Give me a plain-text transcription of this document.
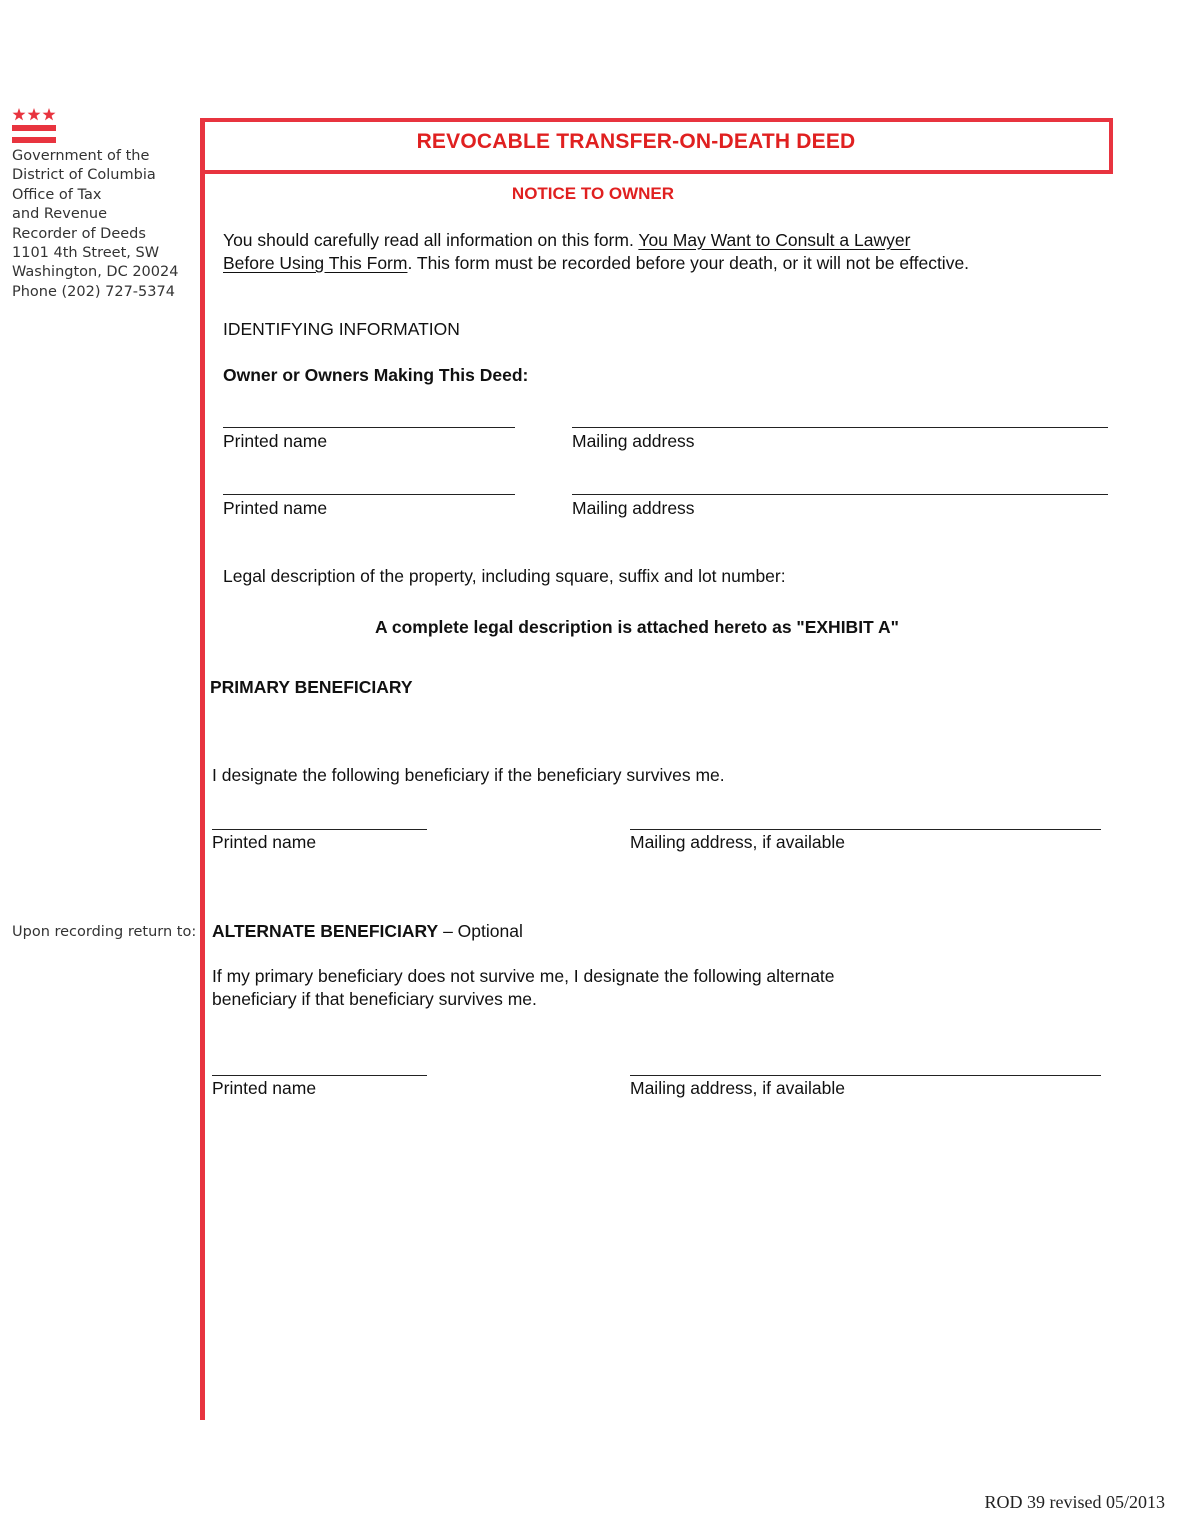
Government of the
District of Columbia
Office of Tax
and Revenue
Recorder of Deeds
1101 4th Street, SW
Washington, DC 20024
Phone (202) 727-5374
Upon recording return to:
REVOCABLE TRANSFER-ON-DEATH DEED
NOTICE TO OWNER
You should carefully read all information on this form. You May Want to Consult a Lawyer
Before Using This Form. This form must be recorded before your death, or it will not be effective.
IDENTIFYING INFORMATION
Owner or Owners Making This Deed:
Printed name	Mailing address
Printed name	Mailing address
Legal description of the property, including square, suffix and lot number:
A complete legal description is attached hereto as "EXHIBIT A"
PRIMARY BENEFICIARY
I designate the following beneficiary if the beneficiary survives me.
Printed name	Mailing address, if available
ALTERNATE BENEFICIARY – Optional
If my primary beneficiary does not survive me, I designate the following alternate
beneficiary if that beneficiary survives me.
Printed name	Mailing address, if available
ROD 39 revised 05/2013
